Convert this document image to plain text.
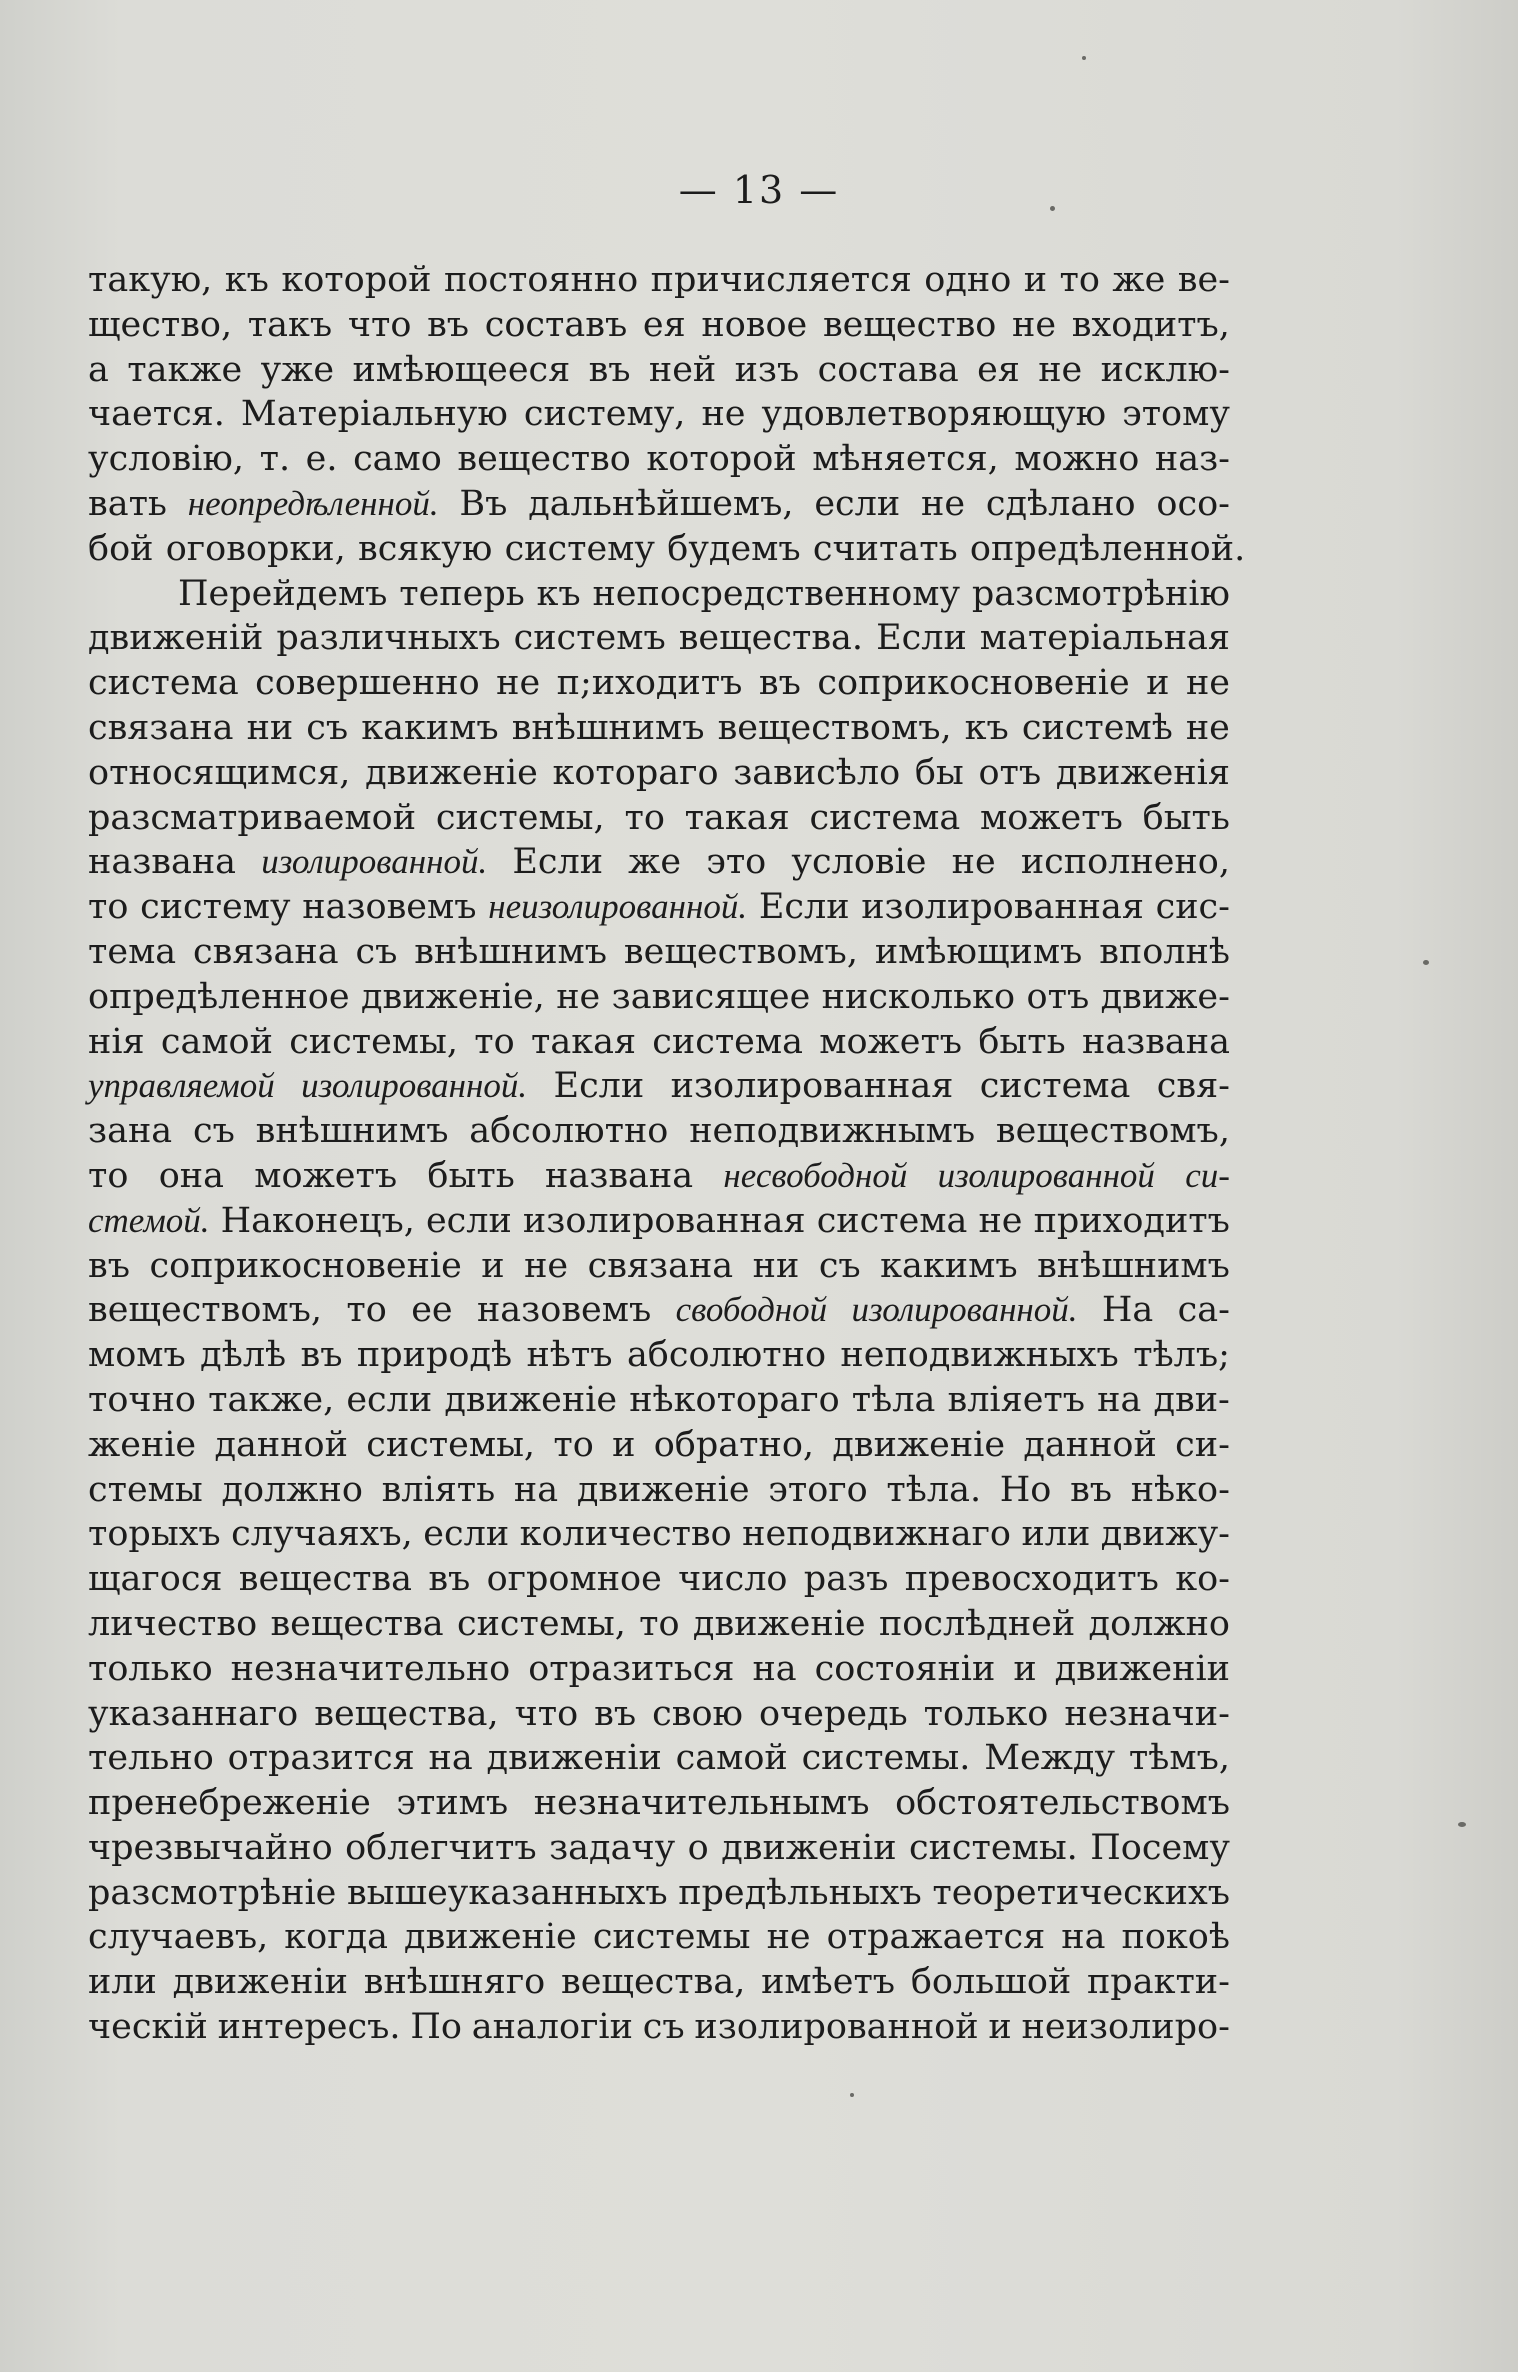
— 13 —
такую, къ которой постоянно причисляется одно и то же ве-
щество, такъ что въ составъ ея новое вещество не входитъ,
а также уже имѣющееся въ ней изъ состава ея не исклю-
чается. Матеріальную систему, не удовлетворяющую этому
условію, т. е. само вещество которой мѣняется, можно наз-
вать неопредѣленной. Въ дальнѣйшемъ, если не сдѣлано осо-
бой оговорки, всякую систему будемъ считать опредѣленной.
Перейдемъ теперь къ непосредственному разсмотрѣнію
движеній различныхъ системъ вещества. Если матеріальная
система совершенно не п;иходитъ въ соприкосновеніе и не
связана ни съ какимъ внѣшнимъ веществомъ, къ системѣ не
относящимся, движеніе котораго зависѣло бы отъ движенія
разсматриваемой системы, то такая система можетъ быть
названа изолированной. Если же это условіе не исполнено,
то систему назовемъ неизолированной. Если изолированная сис-
тема связана съ внѣшнимъ веществомъ, имѣющимъ вполнѣ
опредѣленное движеніе, не зависящее нисколько отъ движе-
нія самой системы, то такая система можетъ быть названа
управляемой изолированной. Если изолированная система свя-
зана съ внѣшнимъ абсолютно неподвижнымъ веществомъ,
то она можетъ быть названа несвободной изолированной си-
стемой. Наконецъ, если изолированная система не приходитъ
въ соприкосновеніе и не связана ни съ какимъ внѣшнимъ
веществомъ, то ее назовемъ свободной изолированной. На са-
момъ дѣлѣ въ природѣ нѣтъ абсолютно неподвижныхъ тѣлъ;
точно также, если движеніе нѣкотораго тѣла вліяетъ на дви-
женіе данной системы, то и обратно, движеніе данной си-
стемы должно вліять на движеніе этого тѣла. Но въ нѣко-
торыхъ случаяхъ, если количество неподвижнаго или движу-
щагося вещества въ огромное число разъ превосходитъ ко-
личество вещества системы, то движеніе послѣдней должно
только незначительно отразиться на состояніи и движеніи
указаннаго вещества, что въ свою очередь только незначи-
тельно отразится на движеніи самой системы. Между тѣмъ,
пренебреженіе этимъ незначительнымъ обстоятельствомъ
чрезвычайно облегчитъ задачу о движеніи системы. Посему
разсмотрѣніе вышеуказанныхъ предѣльныхъ теоретическихъ
случаевъ, когда движеніе системы не отражается на покоѣ
или движеніи внѣшняго вещества, имѣетъ большой практи-
ческій интересъ. По аналогіи съ изолированной и неизолиро-
